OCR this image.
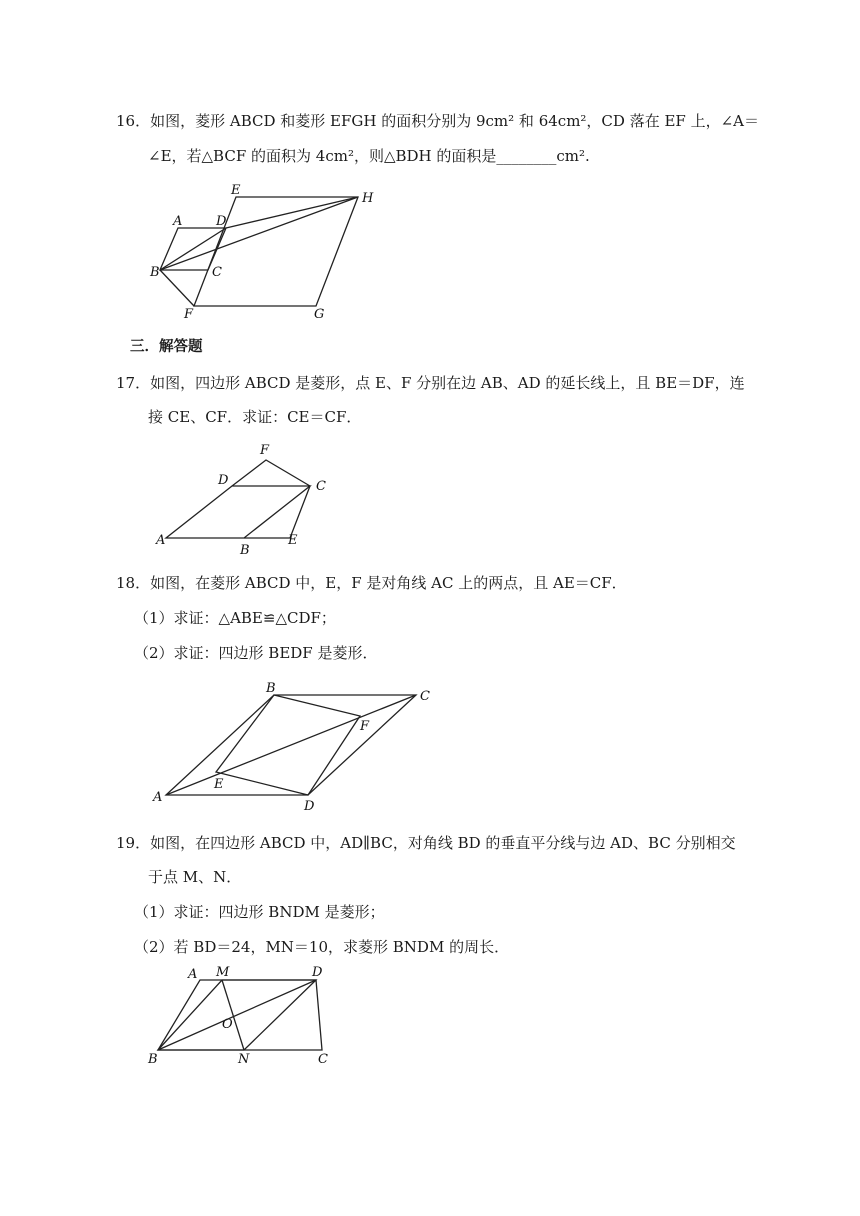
16．如图，菱形 ABCD 和菱形 EFGH 的面积分别为 9cm² 和 64cm²，CD 落在 EF 上，∠A＝
∠E，若△BCF 的面积为 4cm²，则△BDH 的面积是________cm².
A	D
E
H
B	C
F	G
三．解答题
17．如图，四边形 ABCD 是菱形，点 E、F 分别在边 AB、AD 的延长线上，且 BE＝DF，连
接 CE、CF．求证：CE＝CF．
A
B
E
C
D
F
18．如图，在菱形 ABCD 中，E，F 是对角线 AC 上的两点，且 AE＝CF．
（1）求证：△ABE≌△CDF；
（2）求证：四边形 BEDF 是菱形．
B
C
F
E
A
D
19．如图，在四边形 ABCD 中，AD∥BC，对角线 BD 的垂直平分线与边 AD、BC 分别相交
于点 M、N．
（1）求证：四边形 BNDM 是菱形；
（2）若 BD＝24，MN＝10，求菱形 BNDM 的周长．
A M	D
O
B	N	C
